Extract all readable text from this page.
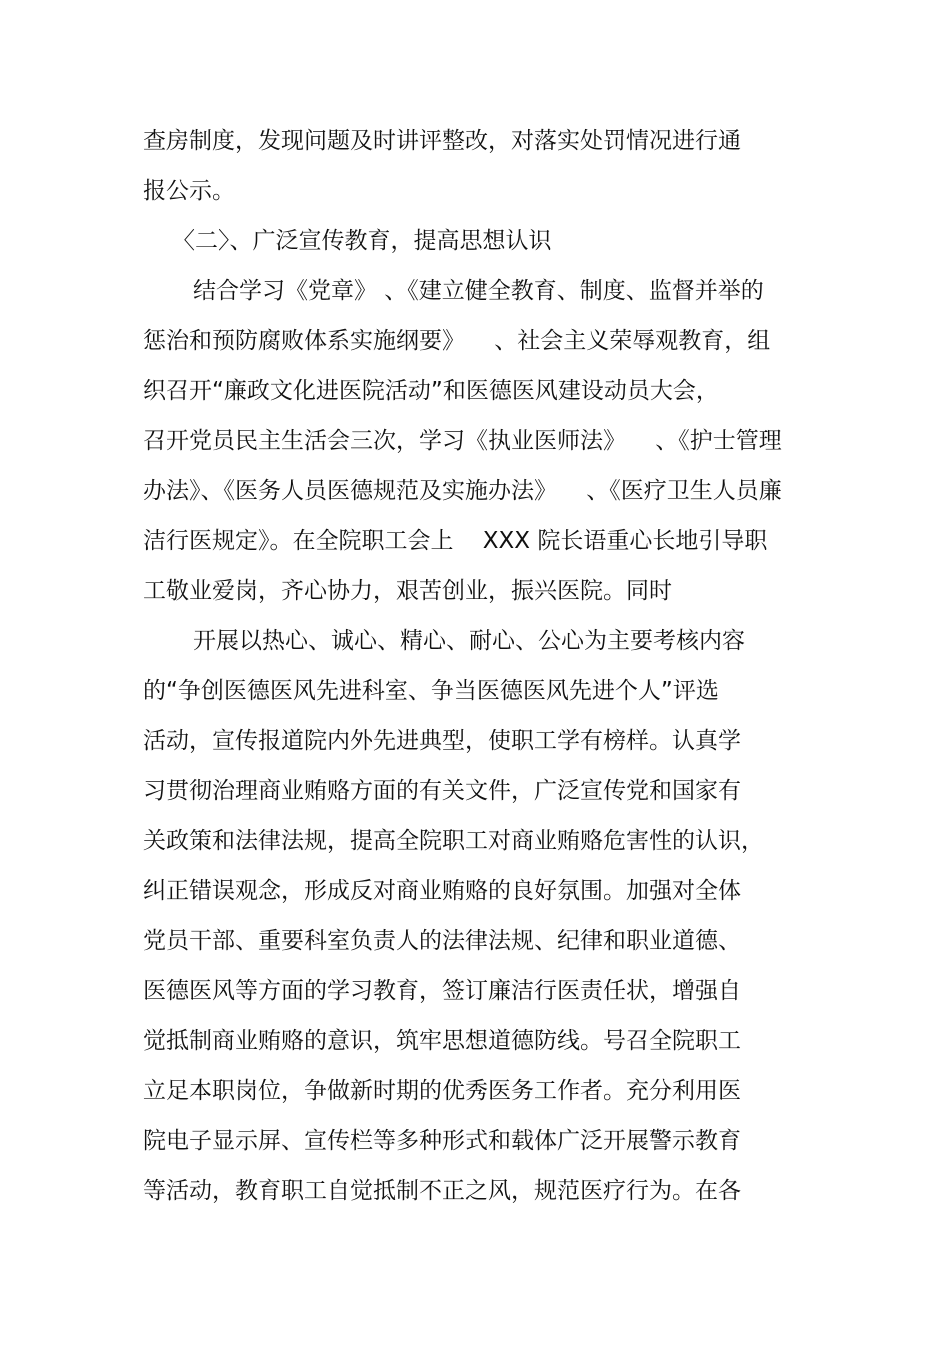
查房制度，发现问题及时讲评整改，对落实处罚情况进行通
报公示。
〈二〉、广泛宣传教育，提高思想认识
结合学习《党章》 、《建立健全教育、制度、监督并举的
惩治和预防腐败体系实施纲要》    、社会主义荣辱观教育，组
织召开“廉政文化进医院活动”和医德医风建设动员大会，
召开党员民主生活会三次，学习《执业医师法》    、《护士管理
办法》、《医务人员医德规范及实施办法》    、《医疗卫生人员廉
洁行医规定》。在全院职工会上    XXX 院长语重心长地引导职
工敬业爱岗，齐心协力，艰苦创业，振兴医院。同时
开展以热心、诚心、精心、耐心、公心为主要考核内容
的“争创医德医风先进科室、争当医德医风先进个人”评选
活动，宣传报道院内外先进典型，使职工学有榜样。认真学
习贯彻治理商业贿赂方面的有关文件，广泛宣传党和国家有
关政策和法律法规，提高全院职工对商业贿赂危害性的认识，
纠正错误观念，形成反对商业贿赂的良好氛围。加强对全体
党员干部、重要科室负责人的法律法规、纪律和职业道德、
医德医风等方面的学习教育，签订廉洁行医责任状，增强自
觉抵制商业贿赂的意识，筑牢思想道德防线。号召全院职工
立足本职岗位，争做新时期的优秀医务工作者。充分利用医
院电子显示屏、宣传栏等多种形式和载体广泛开展警示教育
等活动，教育职工自觉抵制不正之风，规范医疗行为。在各
